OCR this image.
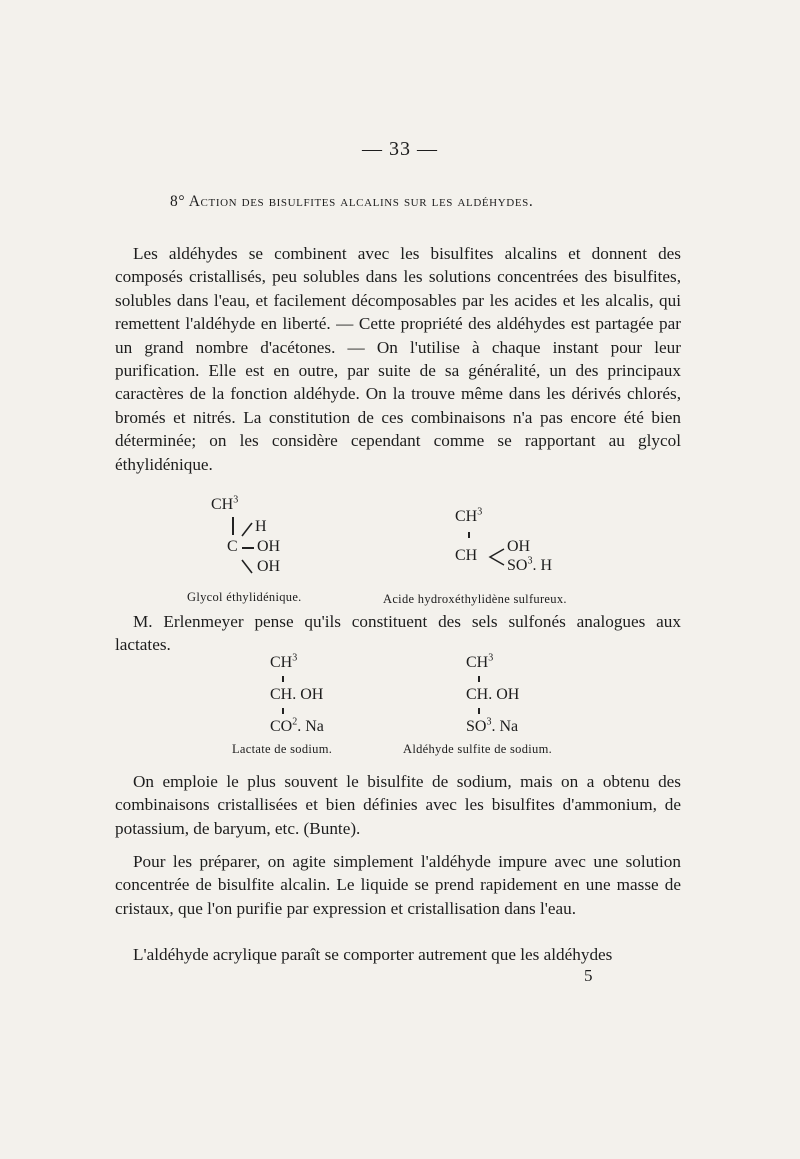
— 33 —
8° Action des bisulfites alcalins sur les aldéhydes.

Les aldéhydes se combinent avec les bisulfites alcalins et donnent des composés cristallisés, peu solubles dans les solutions concentrées des bisulfites, solubles dans l'eau, et facilement décomposables par les acides et les alcalis, qui remettent l'aldéhyde en liberté. — Cette propriété des aldéhydes est partagée par un grand nombre d'acétones. — On l'utilise à chaque instant pour leur purification. Elle est en outre, par suite de sa généralité, un des principaux caractères de la fonction aldéhyde. On la trouve même dans les dérivés chlorés, bromés et nitrés. La constitution de ces combinaisons n'a pas encore été bien déterminée; on les considère cependant comme se rapportant au glycol éthylidénique.

$CH^3$
H
C OH
OH
Glycol éthylidénique.
$CH^3$
CH
OH
$SO^3$. H
Acide hydroxéthylidène sulfureux.

M. Erlenmeyer pense qu'ils constituent des sels sulfonés analogues aux lactates.

$CH^3$
CH. OH
$CO^2$. Na
Lactate de sodium.
$CH^3$
CH. OH
$SO^3$. Na
Aldéhyde sulfite de sodium.

On emploie le plus souvent le bisulfite de sodium, mais on a obtenu des combinaisons cristallisées et bien définies avec les bisulfites d'ammonium, de potassium, de baryum, etc. (Bunte).

Pour les préparer, on agite simplement l'aldéhyde impure avec une solution concentrée de bisulfite alcalin. Le liquide se prend rapidement en une masse de cristaux, que l'on purifie par expression et cristallisation dans l'eau.

L'aldéhyde acrylique paraît se comporter autrement que les aldéhydes

5
